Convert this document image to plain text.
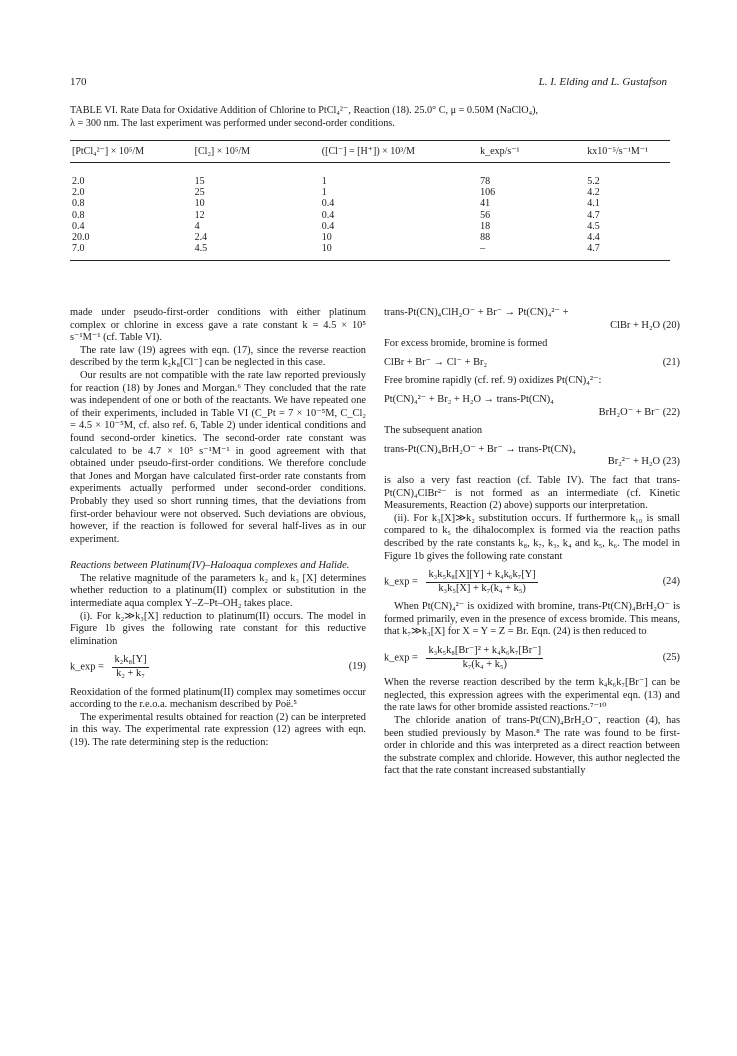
170	L. I. Elding and L. Gustafson
TABLE VI. Rate Data for Oxidative Addition of Chlorine to PtCl₄²⁻, Reaction (18). 25.0° C, μ = 0.50M (NaClO₄),
λ = 300 nm. The last experiment was performed under second-order conditions.
[PtCl₄²⁻] × 10⁵/M	[Cl₂] × 10⁵/M	([Cl⁻] = [H⁺]) × 10³/M	k_exp/s⁻¹	kx10⁻⁵/s⁻¹M⁻¹
2.0	15	1	78	5.2
2.0	25	1	106	4.2
0.8	10	0.4	41	4.1
0.8	12	0.4	56	4.7
0.4	4	0.4	18	4.5
20.0	2.4	10	88	4.4
7.0	4.5	10	–	4.7

made under pseudo-first-order conditions with either platinum complex or chlorine in excess gave a rate constant k = 4.5 × 10⁵ s⁻¹M⁻¹ (cf. Table VI).

The rate law (19) agrees with eqn. (17), since the reverse reaction described by the term k₂k₈[Cl⁻] can be neglected in this case.

Our results are not compatible with the rate law reported previously for reaction (18) by Jones and Morgan.⁶ They concluded that the rate was independent of one or both of the reactants. We have repeated one of their experiments, included in Table VI (C_Pt = 7 × 10⁻⁵M, C_Cl₂ = 4.5 × 10⁻⁵M, cf. also ref. 6, Table 2) under identical conditions and found second-order kinetics. The second-order rate constant was calculated to be 4.7 × 10⁵ s⁻¹M⁻¹ in good agreement with that obtained under pseudo-first-order conditions. We therefore conclude that Jones and Morgan have calculated first-order rate constants from experiments actually performed under second-order conditions. Probably they used so short running times, that the deviations from first-order behaviour were not observed. Such deviations are obvious, however, if the reaction is followed for several half-lives as in our experiment.

Reactions between Platinum(IV)–Haloaqua complexes and Halide.

The relative magnitude of the parameters k₂ and k₃ [X] determines whether reduction to a platinum(II) complex or substitution in the intermediate aqua complex Y–Z–Pt–OH₂ takes place.

(i). For k₂≫k₃[X] reduction to platinum(II) occurs. The model in Figure 1b gives the following rate constant for this reductive elimination

k_exp = $\frac{\text{k₂k₈[Y]}}{\text{k₂ + k₇}}$	(19)

Reoxidation of the formed platinum(II) complex may sometimes occur according to the r.e.o.a. mechanism described by Poë.⁵

The experimental results obtained for reaction (2) can be interpreted in this way. The experimental rate expression (12) agrees with eqn. (19). The rate determining step is the reduction:

trans-Pt(CN)₄ClH₂O⁻ + Br⁻ → Pt(CN)₄²⁻ +
ClBr + H₂O (20)

For excess bromide, bromine is formed

ClBr + Br⁻ → Cl⁻ + Br₂	(21)

Free bromine rapidly (cf. ref. 9) oxidizes Pt(CN)₄²⁻:

Pt(CN)₄²⁻ + Br₂ + H₂O → trans-Pt(CN)₄
BrH₂O⁻ + Br⁻ (22)

The subsequent anation

trans-Pt(CN)₄BrH₂O⁻ + Br⁻ → trans-Pt(CN)₄
Br₂²⁻ + H₂O (23)

is also a very fast reaction (cf. Table IV). The fact that trans-Pt(CN)₄ClBr²⁻ is not formed as an intermediate (cf. Kinetic Measurements, Reaction (2) above) supports our interpretation.

(ii). For k₃[X]≫k₂ substitution occurs. If furthermore k₁₀ is small compared to k₅ the dihalocomplex is formed via the reaction paths described by the rate constants k₈, k₇, k₃, k₄ and k₅, k₆. The model in Figure 1b gives the following rate constant

k_exp = $\frac{\text{k₃k₅k₈[X][Y] + k₄k₆k₇[Y]}}{\text{k₃k₅[X] + k₇(k₄ + k₅)}}$	(24)

When Pt(CN)₄²⁻ is oxidized with bromine, trans-Pt(CN)₄BrH₂O⁻ is formed primarily, even in the presence of excess bromide. This means, that k₇≫k₃[X] for X = Y = Z = Br. Eqn. (24) is then reduced to

k_exp = $\frac{\text{k₃k₅k₈[Br⁻]² + k₄k₆k₇[Br⁻]}}{\text{k₇(k₄ + k₅)}}$	(25)

When the reverse reaction described by the term k₄k₆k₇[Br⁻] can be neglected, this expression agrees with the experimental eqn. (13) and the rate laws for other bromide assisted reactions.⁷⁻¹⁰

The chloride anation of trans-Pt(CN)₄BrH₂O⁻, reaction (4), has been studied previously by Mason.⁸ The rate was found to be first-order in chloride and this was interpreted as a direct reaction between the substrate complex and chloride. However, this author neglected the fact that the rate constant increased substantially
